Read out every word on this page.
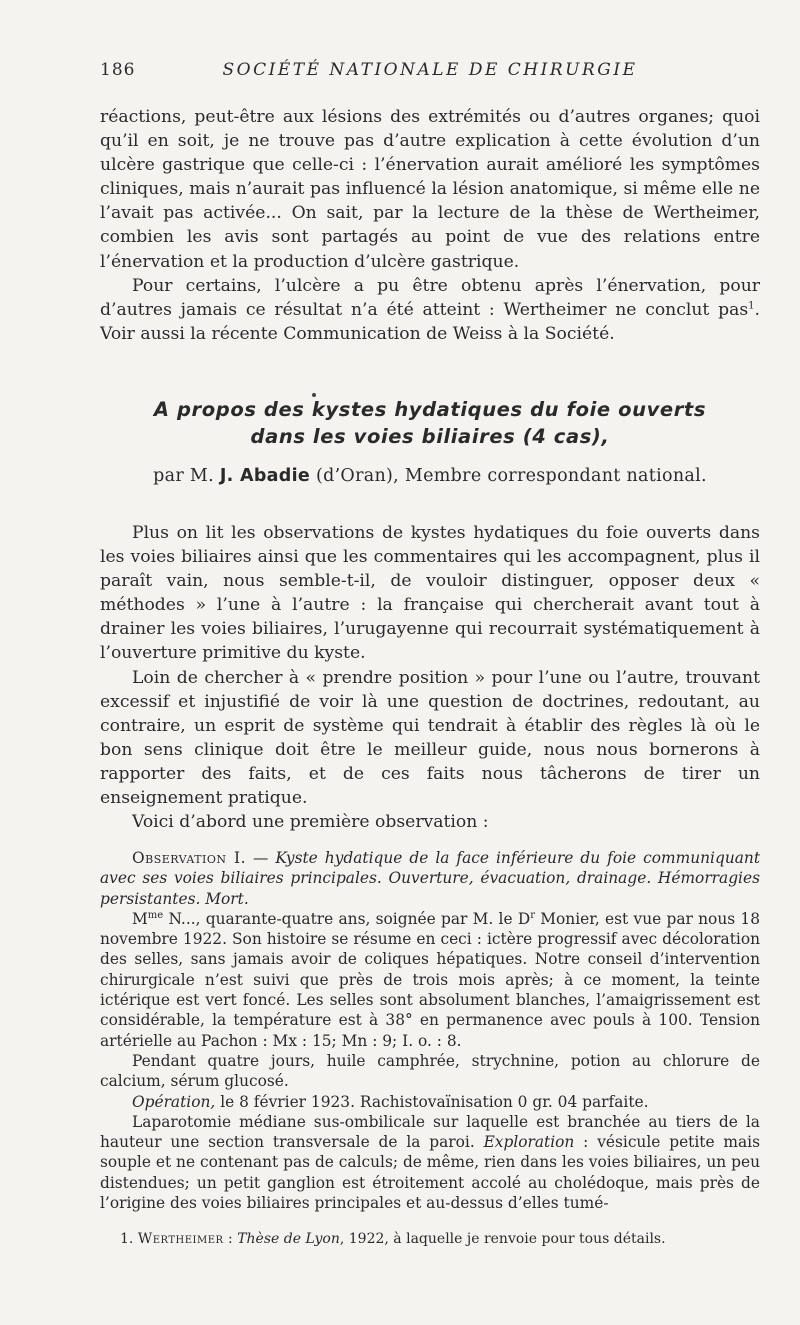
186	SOCIÉTÉ NATIONALE DE CHIRURGIE

réactions, peut-être aux lésions des extrémités ou d’autres organes; quoi qu’il en soit, je ne trouve pas d’autre explication à cette évolution d’un ulcère gastrique que celle-ci : l’énervation aurait amélioré les symptômes cliniques, mais n’aurait pas influencé la lésion anatomique, si même elle ne l’avait pas activée... On sait, par la lecture de la thèse de Wertheimer, combien les avis sont partagés au point de vue des relations entre l’énervation et la production d’ulcère gastrique.

Pour certains, l’ulcère a pu être obtenu après l’énervation, pour d’autres jamais ce résultat n’a été atteint : Wertheimer ne conclut pas$^1$. Voir aussi la récente Communication de Weiss à la Société.

A propos des kystes hydatiques du foie ouverts
dans les voies biliaires (4 cas),
par M. J. Abadie (d’Oran), Membre correspondant national.

Plus on lit les observations de kystes hydatiques du foie ouverts dans les voies biliaires ainsi que les commentaires qui les accompagnent, plus il paraît vain, nous semble-t-il, de vouloir distinguer, opposer deux « méthodes » l’une à l’autre : la française qui chercherait avant tout à drainer les voies biliaires, l’urugayenne qui recourrait systématiquement à l’ouverture primitive du kyste.

Loin de chercher à « prendre position » pour l’une ou l’autre, trouvant excessif et injustifié de voir là une question de doctrines, redoutant, au contraire, un esprit de système qui tendrait à établir des règles là où le bon sens clinique doit être le meilleur guide, nous nous bornerons à rapporter des faits, et de ces faits nous tâcherons de tirer un enseignement pratique.

Voici d’abord une première observation :

Observation I. — Kyste hydatique de la face inférieure du foie communiquant avec ses voies biliaires principales. Ouverture, évacuation, drainage. Hémorragies persistantes. Mort.

$M^{me}$ N..., quarante-quatre ans, soignée par M. le $D^r$ Monier, est vue par nous 18 novembre 1922. Son histoire se résume en ceci : ictère progressif avec décoloration des selles, sans jamais avoir de coliques hépatiques. Notre conseil d’intervention chirurgicale n’est suivi que près de trois mois après; à ce moment, la teinte ictérique est vert foncé. Les selles sont absolument blanches, l’amaigrissement est considérable, la température est à 38° en permanence avec pouls à 100. Tension artérielle au Pachon : Mx : 15; Mn : 9; I. o. : 8.

Pendant quatre jours, huile camphrée, strychnine, potion au chlorure de calcium, sérum glucosé.

Opération, le 8 février 1923. Rachistovaïnisation 0 gr. 04 parfaite.

Laparotomie médiane sus-ombilicale sur laquelle est branchée au tiers de la hauteur une section transversale de la paroi. Exploration : vésicule petite mais souple et ne contenant pas de calculs; de même, rien dans les voies biliaires, un peu distendues; un petit ganglion est étroitement accolé au cholédoque, mais près de l’origine des voies biliaires principales et au-dessus d’elles tumé-

1. Wertheimer : Thèse de Lyon, 1922, à laquelle je renvoie pour tous détails.
